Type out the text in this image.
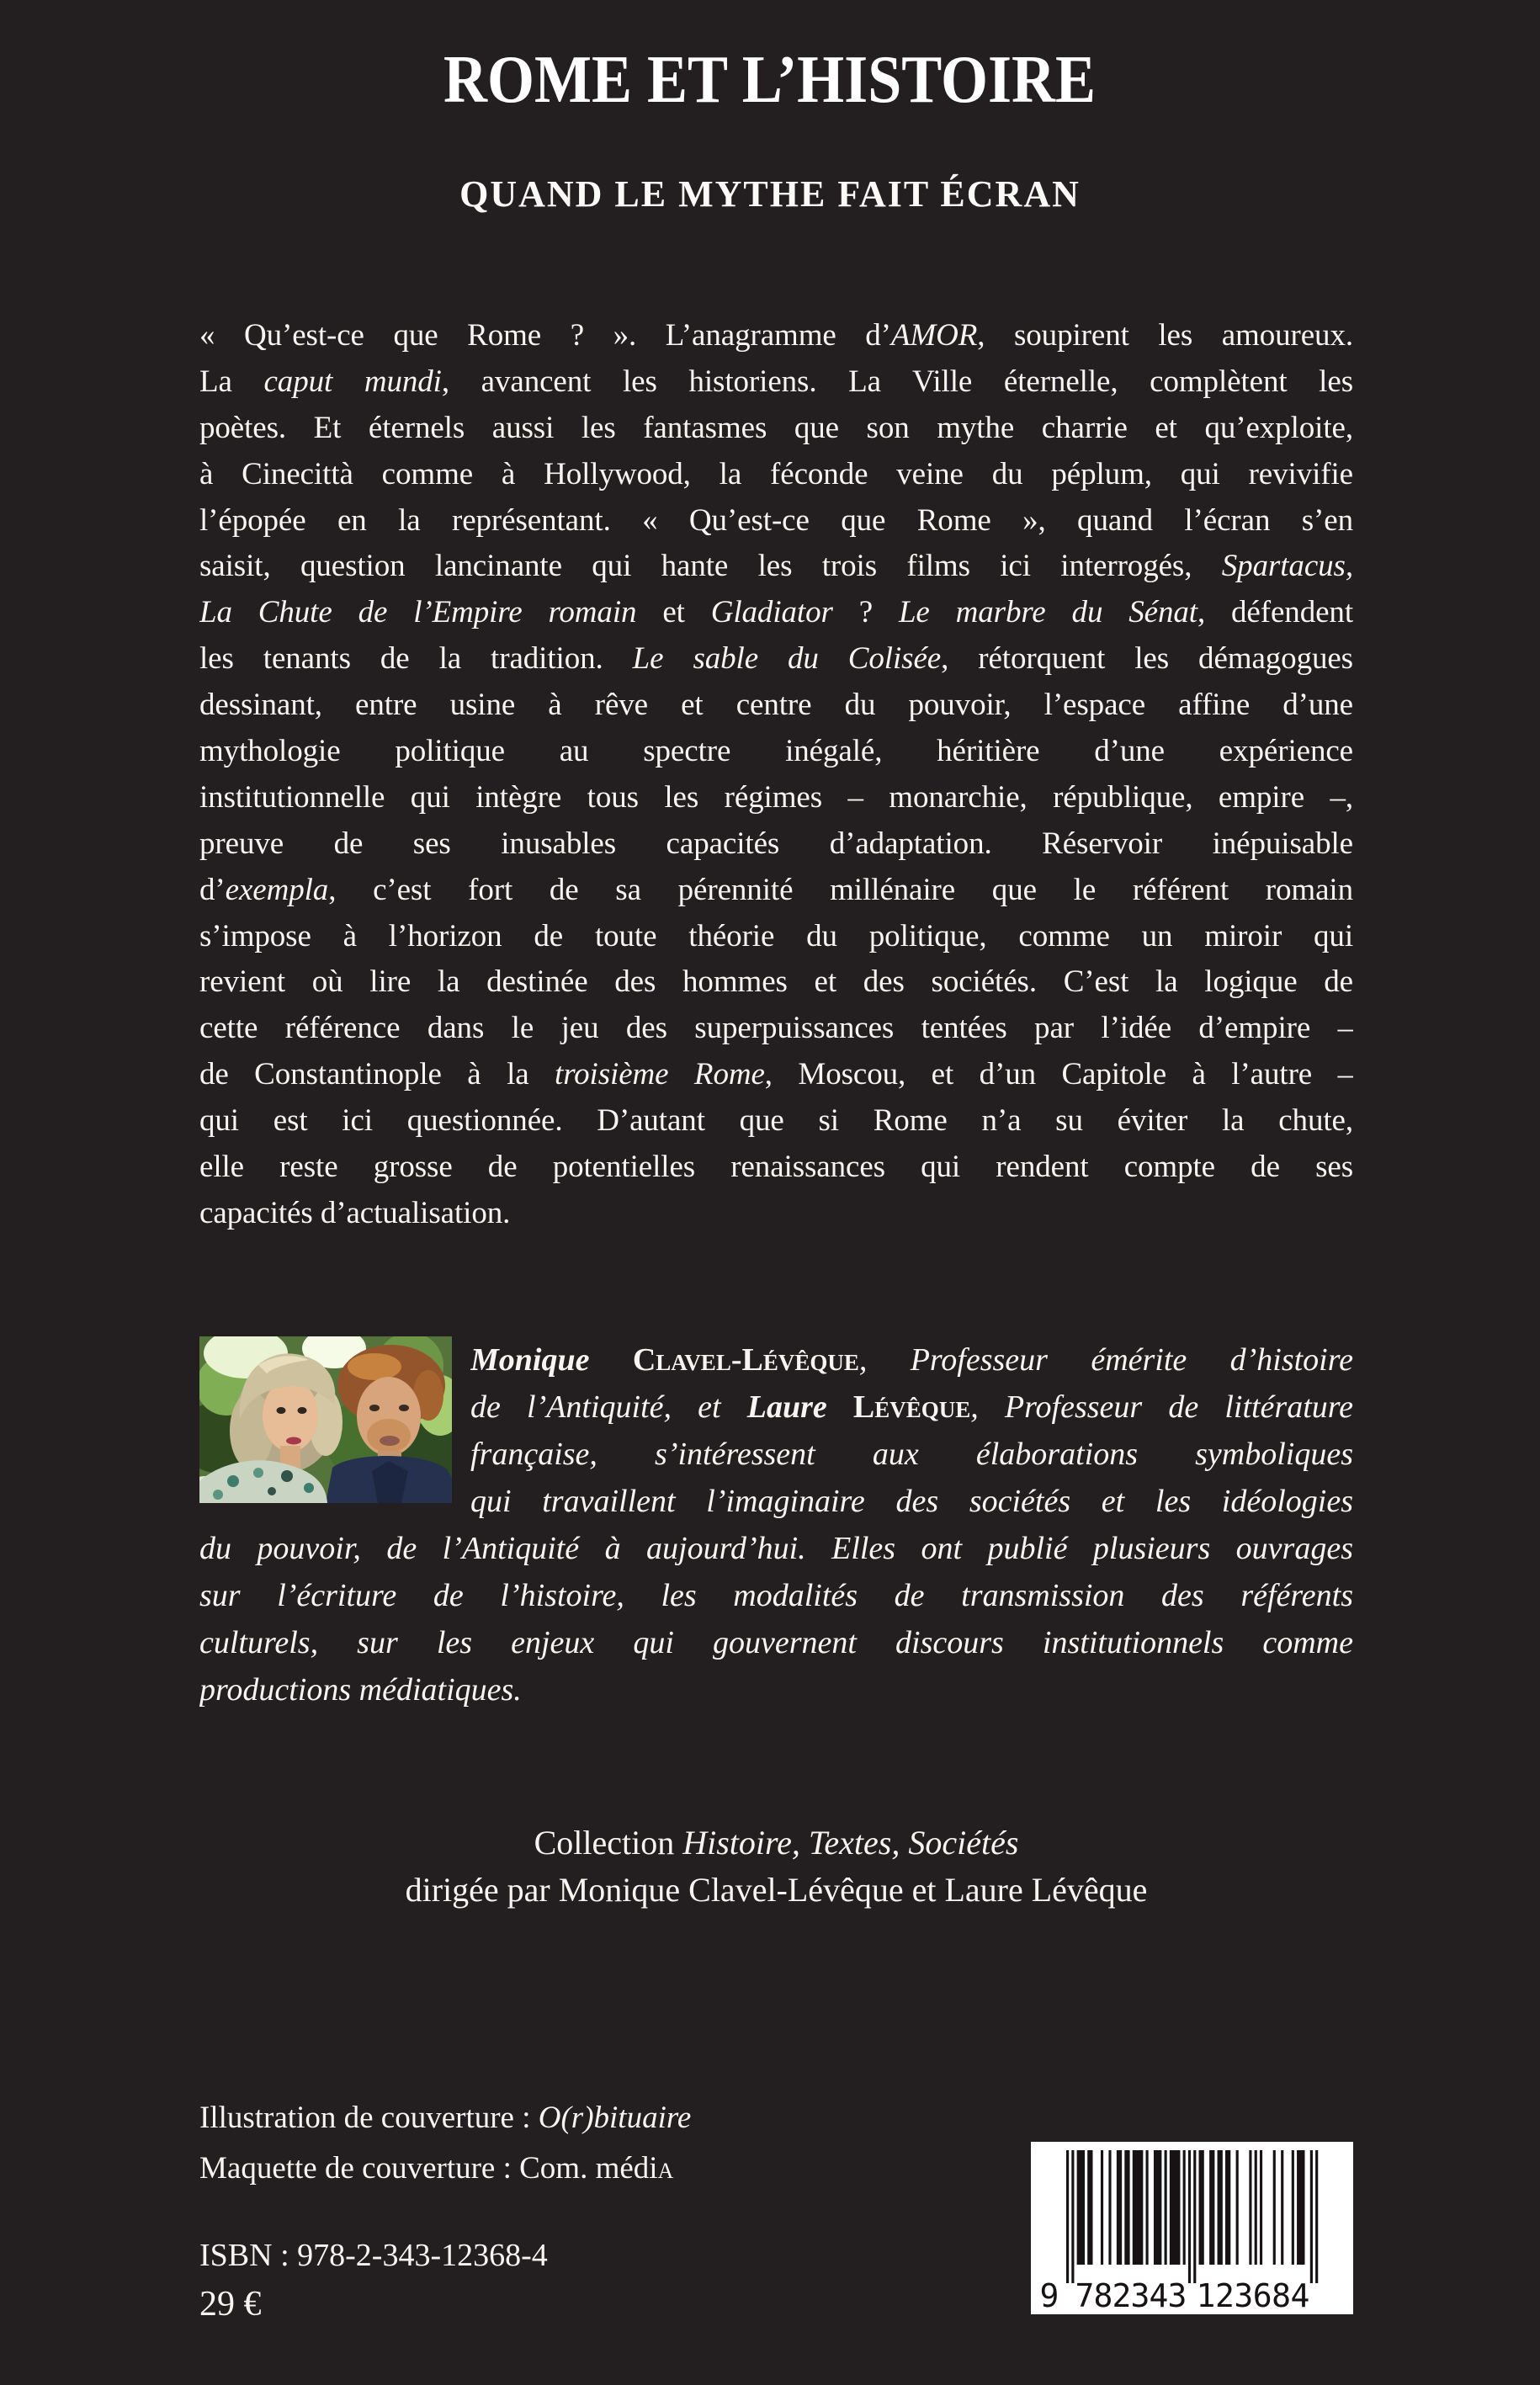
ROME ET L’HISTOIRE
QUAND LE MYTHE FAIT ÉCRAN
« Qu’est-ce que Rome ? ». L’anagramme d’AMOR, soupirent les amoureux.
La caput mundi, avancent les historiens. La Ville éternelle, complètent les
poètes. Et éternels aussi les fantasmes que son mythe charrie et qu’exploite,
à Cinecittà comme à Hollywood, la féconde veine du péplum, qui revivifie
l’épopée en la représentant. « Qu’est-ce que Rome », quand l’écran s’en
saisit, question lancinante qui hante les trois films ici interrogés, Spartacus,
La Chute de l’Empire romain et Gladiator ? Le marbre du Sénat, défendent
les tenants de la tradition. Le sable du Colisée, rétorquent les démagogues
dessinant, entre usine à rêve et centre du pouvoir, l’espace affine d’une
mythologie politique au spectre inégalé, héritière d’une expérience
institutionnelle qui intègre tous les régimes – monarchie, république, empire –,
preuve de ses inusables capacités d’adaptation. Réservoir inépuisable
d’exempla, c’est fort de sa pérennité millénaire que le référent romain
s’impose à l’horizon de toute théorie du politique, comme un miroir qui
revient où lire la destinée des hommes et des sociétés. C’est la logique de
cette référence dans le jeu des superpuissances tentées par l’idée d’empire –
de Constantinople à la troisième Rome, Moscou, et d’un Capitole à l’autre –
qui est ici questionnée. D’autant que si Rome n’a su éviter la chute,
elle reste grosse de potentielles renaissances qui rendent compte de ses
capacités d’actualisation.
Monique Clavel-Lévêque, Professeur émérite d’histoire
de l’Antiquité, et Laure Lévêque, Professeur de littérature
française, s’intéressent aux élaborations symboliques
qui travaillent l’imaginaire des sociétés et les idéologies
du pouvoir, de l’Antiquité à aujourd’hui. Elles ont publié plusieurs ouvrages
sur l’écriture de l’histoire, les modalités de transmission des référents
culturels, sur les enjeux qui gouvernent discours institutionnels comme
productions médiatiques.
Collection Histoire, Textes, Sociétés
dirigée par Monique Clavel-Lévêque et Laure Lévêque
Illustration de couverture : O(r)bituaire
Maquette de couverture : Com. média
ISBN : 978-2-343-12368-4
29 €	9 7 8 2 3 4 3 1 2 3 6 8 4
